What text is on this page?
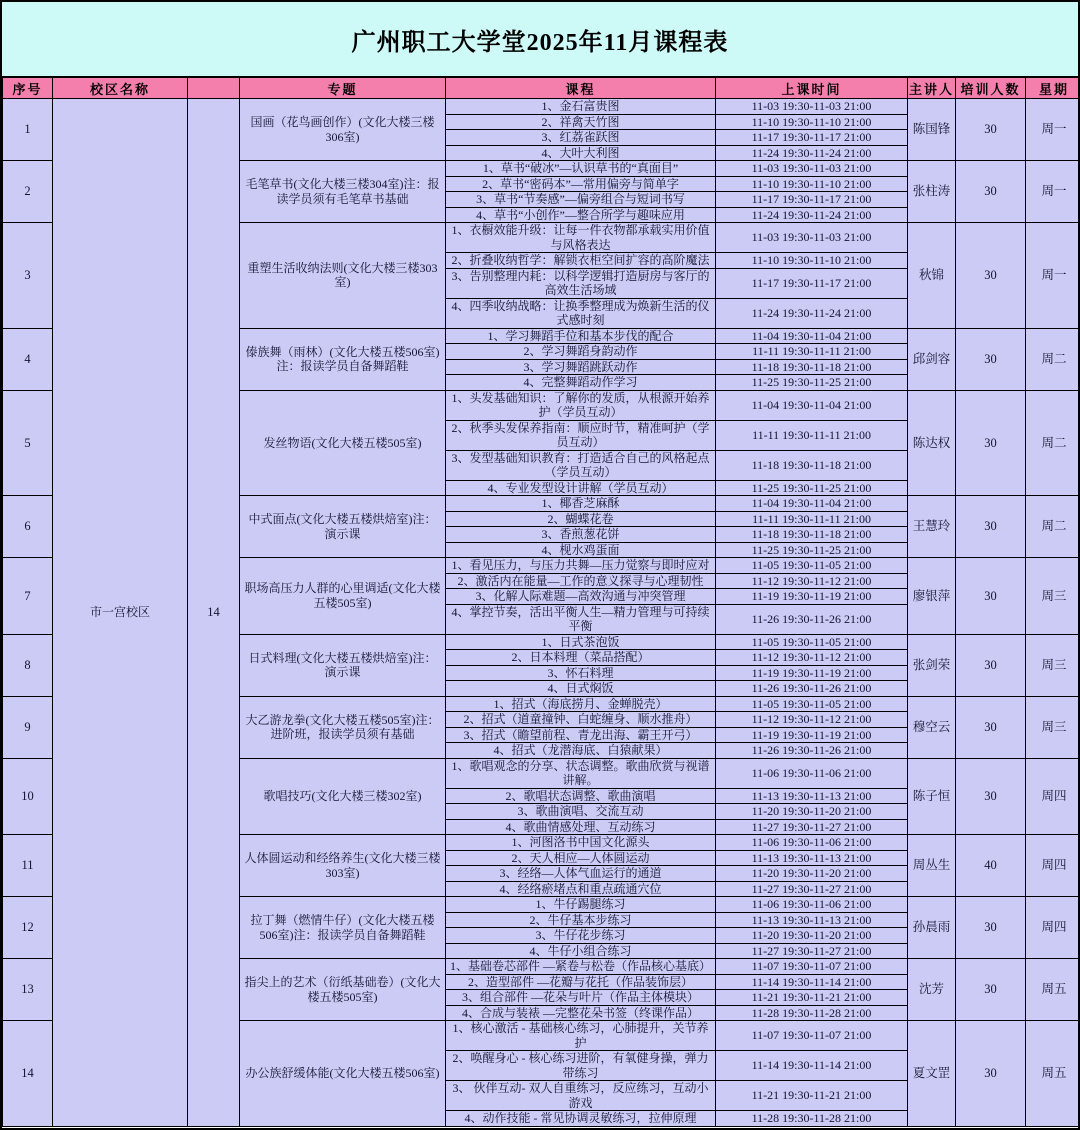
广州职工大学堂2025年11月课程表
序号	校区名称		专题	课程	上课时间	主讲人	培训人数	星期
1	市一宫校区	14	国画（花鸟画创作）(文化大楼三楼306室)	1、金石富贵图	11-03 19:30-11-03 21:00	陈国锋	30	周一
				2、祥禽天竹图	11-10 19:30-11-10 21:00			
				3、红荔雀跃图	11-17 19:30-11-17 21:00			
				4、大叶大利图	11-24 19:30-11-24 21:00			
2			毛笔草书(文化大楼三楼304室)注：报读学员须有毛笔草书基础	1、草书“破冰”—认识草书的“真面目”	11-03 19:30-11-03 21:00	张柱涛	30	周一
				2、草书“密码本”—常用偏旁与简单字	11-10 19:30-11-10 21:00			
				3、草书“节奏感”—偏旁组合与短词书写	11-17 19:30-11-17 21:00			
				4、草书“小创作”—整合所学与趣味应用	11-24 19:30-11-24 21:00			
3			重塑生活收纳法则(文化大楼三楼303室)	1、衣橱效能升级：让每一件衣物都承载实用价值与风格表达	11-03 19:30-11-03 21:00	秋锦	30	周一
				2、折叠收纳哲学：解锁衣柜空间扩容的高阶魔法	11-10 19:30-11-10 21:00			
				3、告别整理内耗：以科学逻辑打造厨房与客厅的高效生活场域	11-17 19:30-11-17 21:00			
				4、四季收纳战略：让换季整理成为焕新生活的仪式感时刻	11-24 19:30-11-24 21:00			
4			傣族舞（雨林）(文化大楼五楼506室)注：报读学员自备舞蹈鞋	1、学习舞蹈手位和基本步伐的配合	11-04 19:30-11-04 21:00	邱剑容	30	周二
				2、学习舞蹈身韵动作	11-11 19:30-11-11 21:00			
				3、学习舞蹈跳跃动作	11-18 19:30-11-18 21:00			
				4、完整舞蹈动作学习	11-25 19:30-11-25 21:00			
5			发丝物语(文化大楼五楼505室)	1、头发基础知识：了解你的发质，从根源开始养护（学员互动）	11-04 19:30-11-04 21:00	陈达权	30	周二
				2、秋季头发保养指南：顺应时节，精准呵护（学员互动）	11-11 19:30-11-11 21:00			
				3、发型基础知识教育：打造适合自己的风格起点（学员互动）	11-18 19:30-11-18 21:00			
				4、专业发型设计讲解（学员互动）	11-25 19:30-11-25 21:00			
6			中式面点(文化大楼五楼烘焙室)注：演示课	1、椰香芝麻酥	11-04 19:30-11-04 21:00	王慧玲	30	周二
				2、蝴蝶花卷	11-11 19:30-11-11 21:00			
				3、香煎葱花饼	11-18 19:30-11-18 21:00			
				4、枧水鸡蛋面	11-25 19:30-11-25 21:00			
7			职场高压力人群的心里调适(文化大楼五楼505室)	1、看见压力，与压力共舞—压力觉察与即时应对	11-05 19:30-11-05 21:00	廖银萍	30	周三
				2、激活内在能量—工作的意义探寻与心理韧性	11-12 19:30-11-12 21:00			
				3、化解人际难题—高效沟通与冲突管理	11-19 19:30-11-19 21:00			
				4、掌控节奏，活出平衡人生—精力管理与可持续平衡	11-26 19:30-11-26 21:00			
8			日式料理(文化大楼五楼烘焙室)注：演示课	1、日式茶泡饭	11-05 19:30-11-05 21:00	张剑荣	30	周三
				2、日本料理（菜品搭配）	11-12 19:30-11-12 21:00			
				3、怀石料理	11-19 19:30-11-19 21:00			
				4、日式焖饭	11-26 19:30-11-26 21:00			
9			大乙游龙拳(文化大楼五楼505室)注：进阶班，报读学员须有基础	1、招式（海底捞月、金蝉脱壳）	11-05 19:30-11-05 21:00	穆空云	30	周三
				2、招式（道童撞钟、白蛇缠身、顺水推舟）	11-12 19:30-11-12 21:00			
				3、招式（瞻望前程、青龙出海、霸王开弓）	11-19 19:30-11-19 21:00			
				4、招式（龙潜海底、白猿献果）	11-26 19:30-11-26 21:00			
10			歌唱技巧(文化大楼三楼302室)	1、歌唱观念的分享、状态调整。歌曲欣赏与视谱讲解。	11-06 19:30-11-06 21:00	陈子恒	30	周四
				2、歌唱状态调整、歌曲演唱	11-13 19:30-11-13 21:00			
				3、歌曲演唱、交流互动	11-20 19:30-11-20 21:00			
				4、歌曲情感处理、互动练习	11-27 19:30-11-27 21:00			
11			人体圆运动和经络养生(文化大楼三楼303室)	1、河图洛书中国文化源头	11-06 19:30-11-06 21:00	周丛生	40	周四
				2、天人相应—人体圆运动	11-13 19:30-11-13 21:00			
				3、经络—人体气血运行的通道	11-20 19:30-11-20 21:00			
				4、经络瘀堵点和重点疏通穴位	11-27 19:30-11-27 21:00			
12			拉丁舞（燃情牛仔）(文化大楼五楼506室)注：报读学员自备舞蹈鞋	1、牛仔踢腿练习	11-06 19:30-11-06 21:00	孙晨雨	30	周四
				2、牛仔基本步练习	11-13 19:30-11-13 21:00			
				3、牛仔花步练习	11-20 19:30-11-20 21:00			
				4、牛仔小组合练习	11-27 19:30-11-27 21:00			
13			指尖上的艺术（衍纸基础卷）(文化大楼五楼505室)	1、基础卷芯部件 —紧卷与松卷（作品核心基底）	11-07 19:30-11-07 21:00	沈芳	30	周五
				2、造型部件 —花瓣与花托（作品装饰层）	11-14 19:30-11-14 21:00			
				3、组合部件 —花朵与叶片（作品主体模块）	11-21 19:30-11-21 21:00			
				4、合成与装裱 —完整花朵书签（终课作品）	11-28 19:30-11-28 21:00			
14			办公族舒缓体能(文化大楼五楼506室)	1、核心激活 - 基础核心练习，心肺提升，关节养护	11-07 19:30-11-07 21:00	夏文罡	30	周五
				2、唤醒身心 - 核心练习进阶，有氧健身操，弹力带练习	11-14 19:30-11-14 21:00			
				3、 伙伴互动- 双人自重练习，反应练习，互动小游戏	11-21 19:30-11-21 21:00			
				4、动作技能 - 常见协调灵敏练习，拉伸原理	11-28 19:30-11-28 21:00			
